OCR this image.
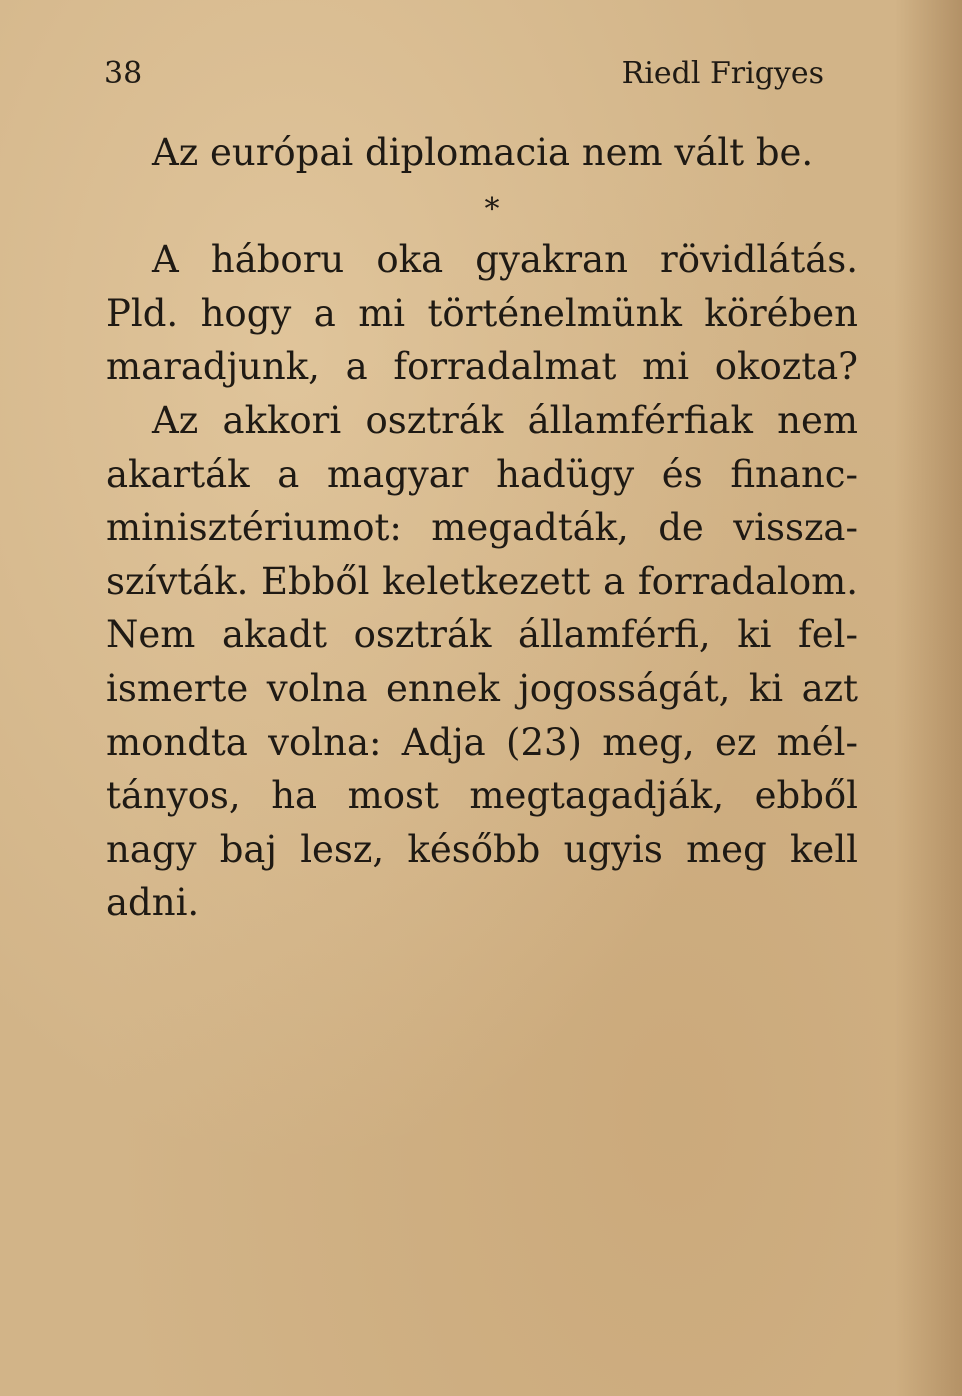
38	Riedl Frigyes
Az európai diplomacia nem vált be.
*
A háboru oka gyakran rövidlátás.
Pld. hogy a mi történelmünk körében
maradjunk, a forradalmat mi okozta?
Az akkori osztrák államférfiak nem
akarták a magyar hadügy és financ-
minisztériumot: megadták, de vissza-
szívták. Ebből keletkezett a forradalom.
Nem akadt osztrák államférfi, ki fel-
ismerte volna ennek jogosságát, ki azt
mondta volna: Adja (23) meg, ez mél-
tányos, ha most megtagadják, ebből
nagy baj lesz, később ugyis meg kell
adni.
